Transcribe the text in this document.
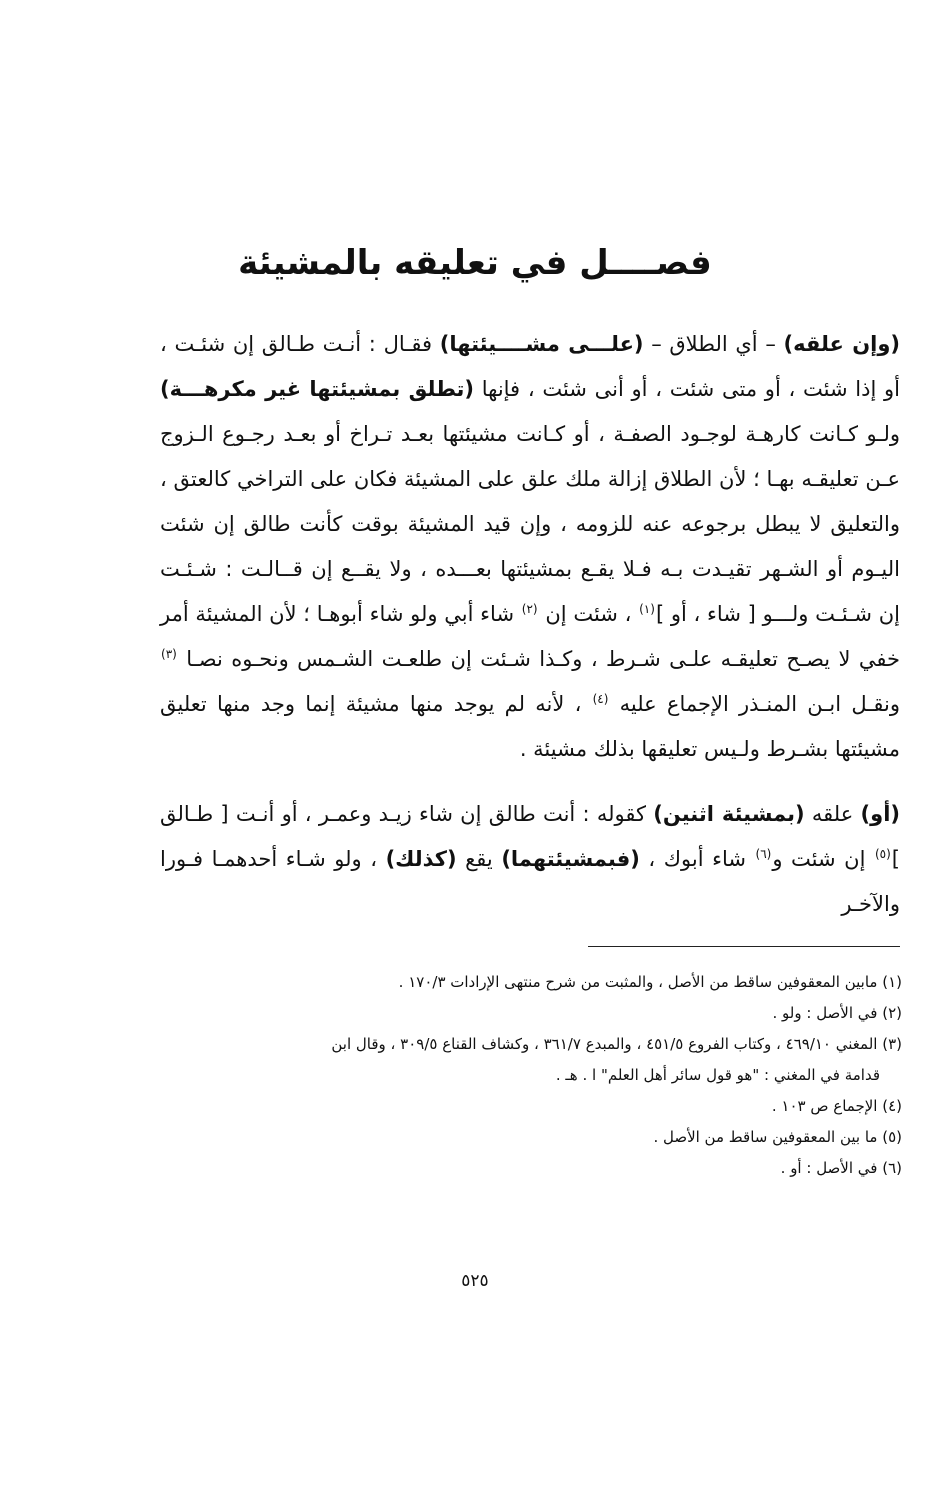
فصــــل في تعليقه بالمشيئة

(وإن علقه) – أي الطلاق – (علـــى مشــــيئتها) فقـال : أنـت طـالق إن شئـت ، أو إذا شئت ، أو متى شئت ، أو أنى شئت ، فإنها (تطلق بمشيئتها غير مكرهـــة) ولـو كـانت كارهـة لوجـود الصفـة ، أو كـانت مشيئتها بعـد تـراخ أو بعـد رجـوع الـزوج عـن تعليقـه بهـا ؛ لأن الطلاق إزالة ملك علق على المشيئة فكان على التراخي كالعتق ، والتعليق لا يبطل برجوعه عنه للزومه ، وإن قيد المشيئة بوقت كأنت طالق إن شئت اليـوم أو الشـهر تقيـدت بـه فـلا يقـع بمشيئتها بعـــده ، ولا يقــع إن قــالـت : شـئـت إن شـئـت ولـــو [ شاء ، أو ]$^{(١)}$ ، شئت إن $^{(٢)}$ شاء أبي ولو شاء أبوهـا ؛ لأن المشيئة أمر خفي لا يصـح تعليقـه علـى شـرط ، وكـذا شـئت إن طلعـت الشـمس ونحـوه نصـا $^{(٣)}$ ونقـل ابـن المنـذر الإجماع عليه $^{(٤)}$ ، لأنه لم يوجد منها مشيئة إنما وجد منها تعليق مشيئتها بشـرط ولـيس تعليقها بذلك مشيئة .

(أو) علقه (بمشيئة اثنين) كقوله : أنت طالق إن شاء زيـد وعمـر ، أو أنـت [ طـالق ]$^{(٥)}$ إن شئت و$^{(٦)}$ شاء أبوك ، (فبمشيئتهما) يقع (كذلك) ، ولو شـاء أحدهمـا فـورا والآخـر

(١) مابين المعقوفين ساقط من الأصل ، والمثبت من شرح منتهى الإرادات ١٧٠/٣ .

(٢) في الأصل : ولو .

(٣) المغني ٤٦٩/١٠ ، وكتاب الفروع ٤٥١/٥ ، والمبدع ٣٦١/٧ ، وكشاف القناع ٣٠٩/٥ ، وقال ابن

قدامة في المغني : "هو قول سائر أهل العلم" ا . هـ .

(٤) الإجماع ص ١٠٣ .

(٥) ما بين المعقوفين ساقط من الأصل .

(٦) في الأصل : أو .

٥٢٥
